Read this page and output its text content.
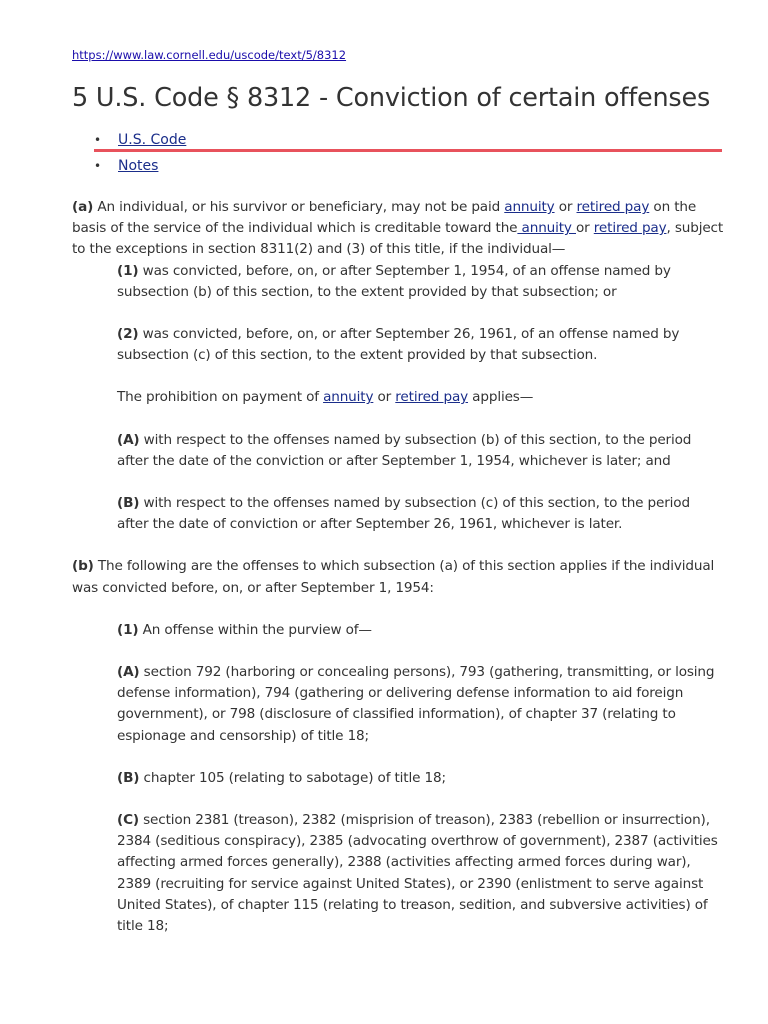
https://www.law.cornell.edu/uscode/text/5/8312
5 U.S. Code § 8312 - Conviction of certain offenses
• U.S. Code
• Notes

(a) An individual, or his survivor or beneficiary, may not be paid annuity or retired pay on the basis of the service of the individual which is creditable toward the annuity or retired pay, subject to the exceptions in section 8311(2) and (3) of this title, if the individual—

(1) was convicted, before, on, or after September 1, 1954, of an offense named by subsection (b) of this section, to the extent provided by that subsection; or

(2) was convicted, before, on, or after September 26, 1961, of an offense named by subsection (c) of this section, to the extent provided by that subsection.

The prohibition on payment of annuity or retired pay applies—

(A) with respect to the offenses named by subsection (b) of this section, to the period after the date of the conviction or after September 1, 1954, whichever is later; and

(B) with respect to the offenses named by subsection (c) of this section, to the period after the date of conviction or after September 26, 1961, whichever is later.

(b) The following are the offenses to which subsection (a) of this section applies if the individual was convicted before, on, or after September 1, 1954:

(1) An offense within the purview of—

(A) section 792 (harboring or concealing persons), 793 (gathering, transmitting, or losing defense information), 794 (gathering or delivering defense information to aid foreign government), or 798 (disclosure of classified information), of chapter 37 (relating to espionage and censorship) of title 18;

(B) chapter 105 (relating to sabotage) of title 18;

(C) section 2381 (treason), 2382 (misprision of treason), 2383 (rebellion or insurrection), 2384 (seditious conspiracy), 2385 (advocating overthrow of government), 2387 (activities affecting armed forces generally), 2388 (activities affecting armed forces during war), 2389 (recruiting for service against United States), or 2390 (enlistment to serve against United States), of chapter 115 (relating to treason, sedition, and subversive activities) of title 18;
